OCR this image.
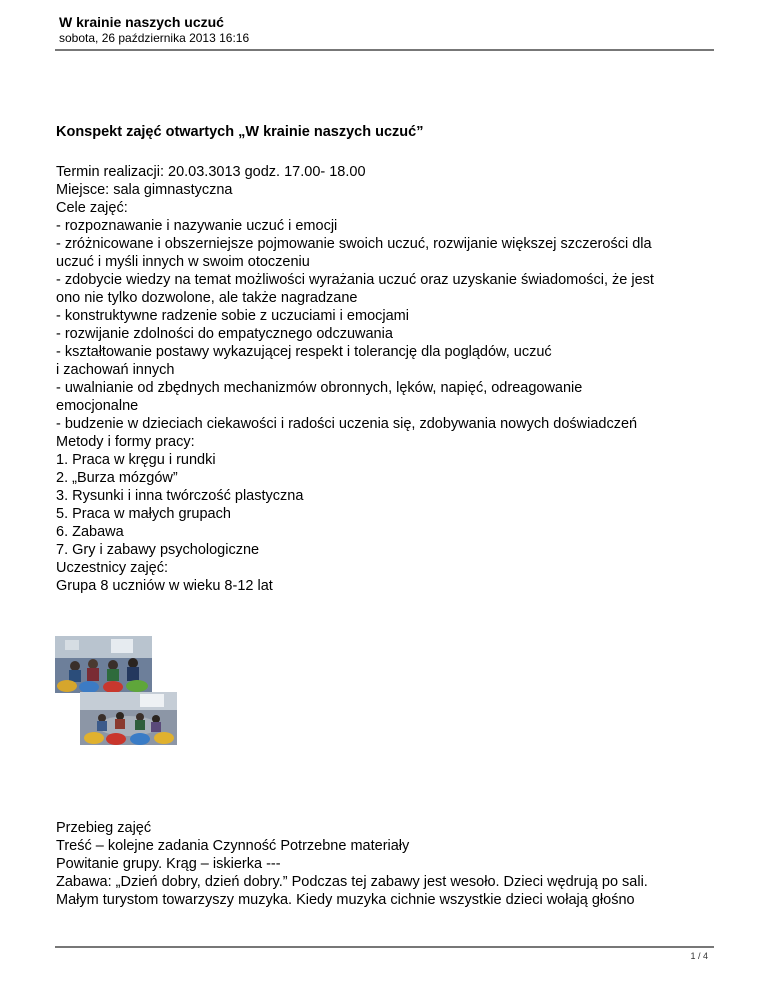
W krainie naszych uczuć
sobota, 26 października 2013 16:16
Konspekt zajęć otwartych „W krainie naszych uczuć”
Termin realizacji: 20.03.3013 godz. 17.00- 18.00
Miejsce: sala gimnastyczna
Cele zajęć:
- rozpoznawanie i nazywanie uczuć i emocji
- zróżnicowane i obszerniejsze pojmowanie swoich uczuć, rozwijanie większej szczerości dla
uczuć i myśli innych w swoim otoczeniu
- zdobycie wiedzy na temat możliwości wyrażania uczuć oraz uzyskanie świadomości, że jest
ono nie tylko dozwolone, ale także nagradzane
- konstruktywne radzenie sobie z uczuciami i emocjami
- rozwijanie zdolności do empatycznego odczuwania
- kształtowanie postawy wykazującej respekt i tolerancję dla poglądów, uczuć
i zachowań innych
- uwalnianie od zbędnych mechanizmów obronnych, lęków, napięć, odreagowanie
emocjonalne
- budzenie w dzieciach ciekawości i radości uczenia się, zdobywania nowych doświadczeń
Metody i formy pracy:
1. Praca w kręgu i rundki
2. „Burza mózgów”
3. Rysunki i inna twórczość plastyczna
5. Praca w małych grupach
6. Zabawa
7. Gry i zabawy psychologiczne
Uczestnicy zajęć:
Grupa 8 uczniów w wieku 8-12 lat
Przebieg zajęć
Treść – kolejne zadania Czynność Potrzebne materiały
Powitanie grupy. Krąg – iskierka ---
Zabawa: „Dzień dobry, dzień dobry.” Podczas tej zabawy jest wesoło. Dzieci wędrują po sali.
Małym turystom towarzyszy muzyka. Kiedy muzyka cichnie wszystkie dzieci wołają głośno
1 / 4
